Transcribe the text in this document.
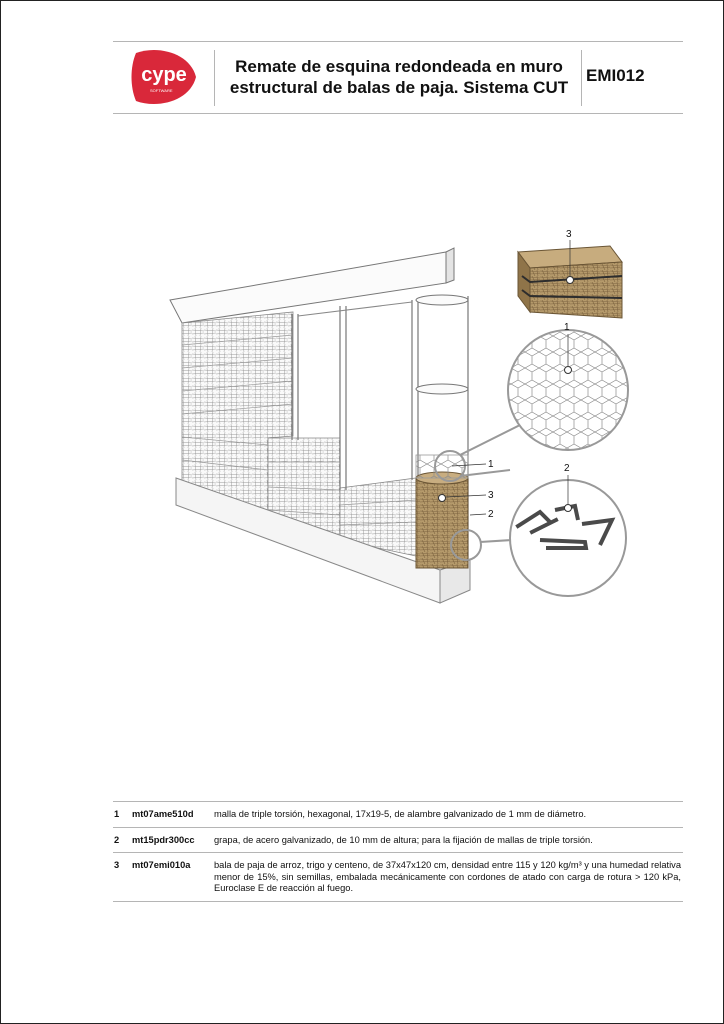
cype
SOFTWARE
Remate de esquina redondeada en muro
estructural de balas de paja. Sistema CUT
EMI012
1
3
2
3
1
2
1	mt07ame510d	malla de triple torsión, hexagonal, 17x19-5, de alambre galvanizado de 1 mm de diámetro.
2	mt15pdr300cc	grapa, de acero galvanizado, de 10 mm de altura; para la fijación de mallas de triple torsión.
3	mt07emi010a	bala de paja de arroz, trigo y centeno, de 37x47x120 cm, densidad entre 115 y 120 kg/m³ y una humedad relativa menor de 15%, sin semillas, embalada mecánicamente con cordones de atado con carga de rotura > 120 kPa, Euroclase E de reacción al fuego.
